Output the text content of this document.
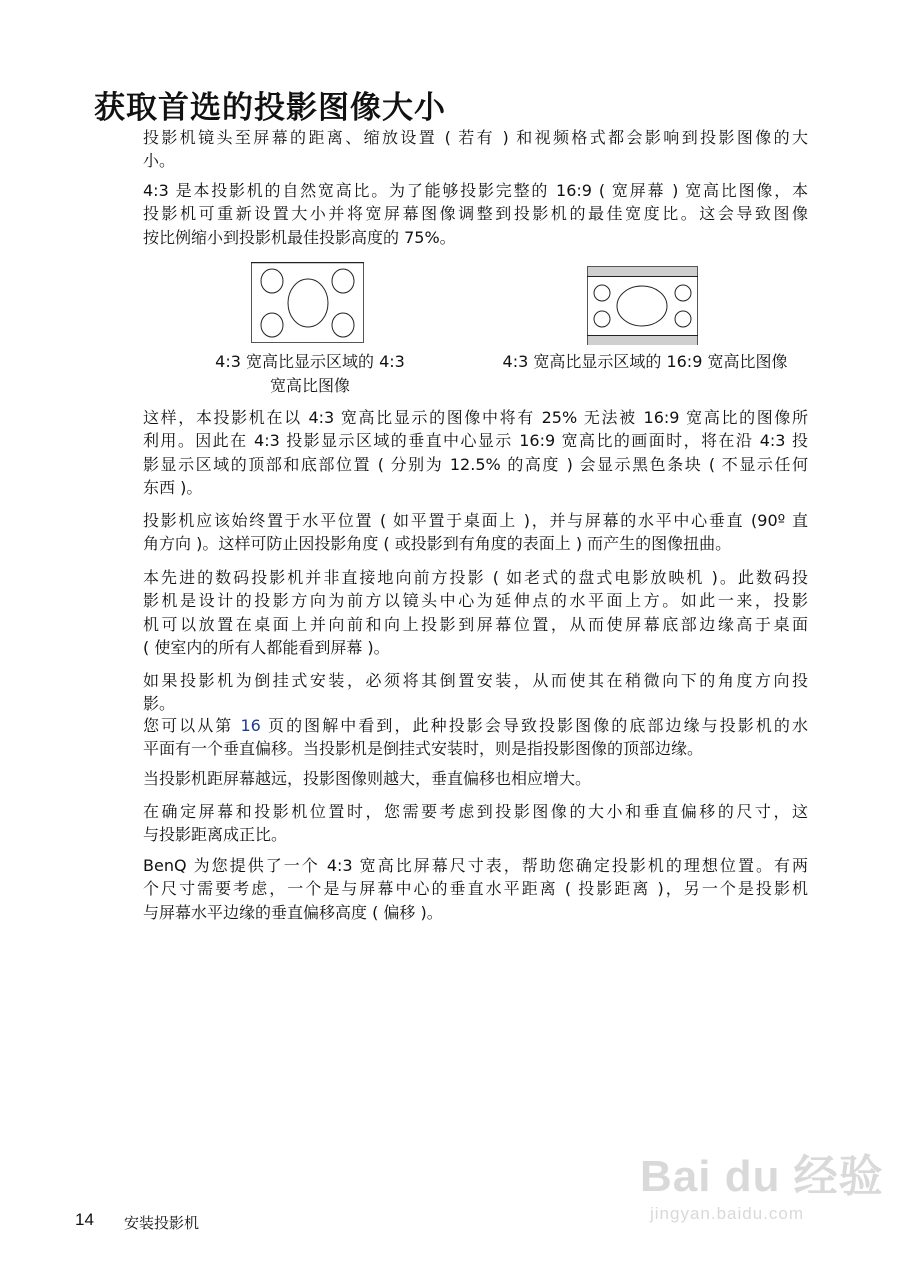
获取首选的投影图像大小
投影机镜头至屏幕的距离、缩放设置 ( 若有 ) 和视频格式都会影响到投影图像的大
小。
4:3 是本投影机的自然宽高比。为了能够投影完整的 16:9 ( 宽屏幕 ) 宽高比图像，本
投影机可重新设置大小并将宽屏幕图像调整到投影机的最佳宽度比。这会导致图像
按比例缩小到投影机最佳投影高度的 75%。
4:3 宽高比显示区域的 4:3
宽高比图像
4:3 宽高比显示区域的 16:9 宽高比图像
这样，本投影机在以 4:3 宽高比显示的图像中将有 25% 无法被 16:9 宽高比的图像所
利用。因此在 4:3 投影显示区域的垂直中心显示 16:9 宽高比的画面时，将在沿 4:3 投
影显示区域的顶部和底部位置 ( 分别为 12.5% 的高度 ) 会显示黑色条块 ( 不显示任何
东西 )。
投影机应该始终置于水平位置 ( 如平置于桌面上 )，并与屏幕的水平中心垂直 (90º 直
角方向 )。这样可防止因投影角度 ( 或投影到有角度的表面上 ) 而产生的图像扭曲。
本先进的数码投影机并非直接地向前方投影 ( 如老式的盘式电影放映机 )。此数码投
影机是设计的投影方向为前方以镜头中心为延伸点的水平面上方。如此一来，投影
机可以放置在桌面上并向前和向上投影到屏幕位置，从而使屏幕底部边缘高于桌面
( 使室内的所有人都能看到屏幕 )。
如果投影机为倒挂式安装，必须将其倒置安装，从而使其在稍微向下的角度方向投
影。
您可以从第 16 页的图解中看到，此种投影会导致投影图像的底部边缘与投影机的水
平面有一个垂直偏移。当投影机是倒挂式安装时，则是指投影图像的顶部边缘。
当投影机距屏幕越远，投影图像则越大，垂直偏移也相应增大。
在确定屏幕和投影机位置时，您需要考虑到投影图像的大小和垂直偏移的尺寸，这
与投影距离成正比。
BenQ 为您提供了一个 4:3 宽高比屏幕尺寸表，帮助您确定投影机的理想位置。有两
个尺寸需要考虑，一个是与屏幕中心的垂直水平距离 ( 投影距离 )，另一个是投影机
与屏幕水平边缘的垂直偏移高度 ( 偏移 )。
14 安装投影机
Bai du 经验
jingyan.baidu.com
